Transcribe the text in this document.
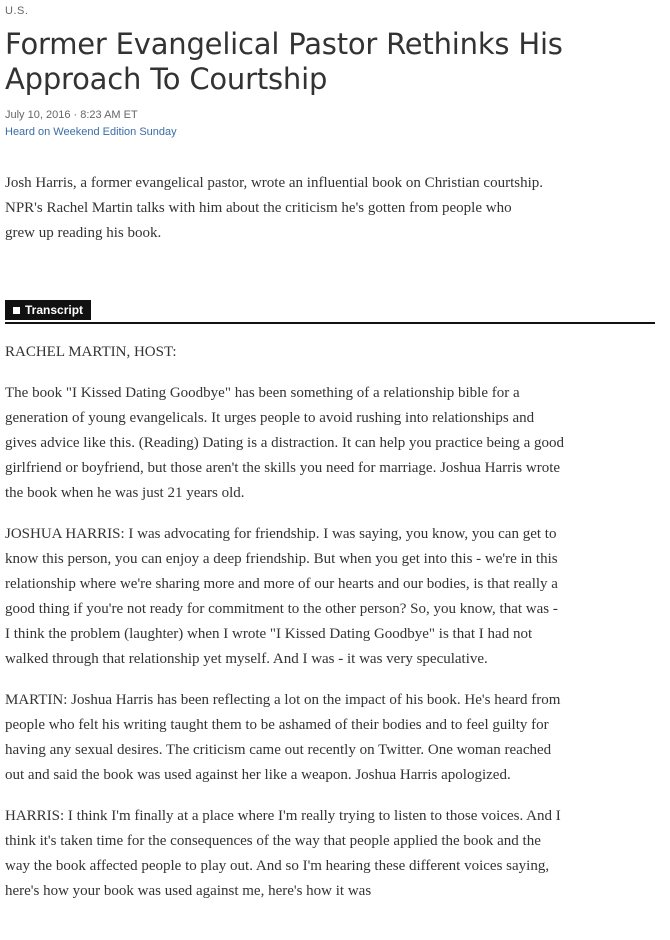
U.S.
Former Evangelical Pastor Rethinks His Approach To Courtship
July 10, 2016 · 8:23 AM ET
Heard on Weekend Edition Sunday

Josh Harris, a former evangelical pastor, wrote an influential book on Christian courtship. NPR's Rachel Martin talks with him about the criticism he's gotten from people who grew up reading his book.

Transcript

RACHEL MARTIN, HOST:

The book "I Kissed Dating Goodbye" has been something of a relationship bible for a generation of young evangelicals. It urges people to avoid rushing into relationships and gives advice like this. (Reading) Dating is a distraction. It can help you practice being a good girlfriend or boyfriend, but those aren't the skills you need for marriage. Joshua Harris wrote the book when he was just 21 years old.

JOSHUA HARRIS: I was advocating for friendship. I was saying, you know, you can get to know this person, you can enjoy a deep friendship. But when you get into this - we're in this relationship where we're sharing more and more of our hearts and our bodies, is that really a good thing if you're not ready for commitment to the other person? So, you know, that was - I think the problem (laughter) when I wrote "I Kissed Dating Goodbye" is that I had not walked through that relationship yet myself. And I was - it was very speculative.

MARTIN: Joshua Harris has been reflecting a lot on the impact of his book. He's heard from people who felt his writing taught them to be ashamed of their bodies and to feel guilty for having any sexual desires. The criticism came out recently on Twitter. One woman reached out and said the book was used against her like a weapon. Joshua Harris apologized.

HARRIS: I think I'm finally at a place where I'm really trying to listen to those voices. And I think it's taken time for the consequences of the way that people applied the book and the way the book affected people to play out. And so I'm hearing these different voices saying, here's how your book was used against me, here's how it was
